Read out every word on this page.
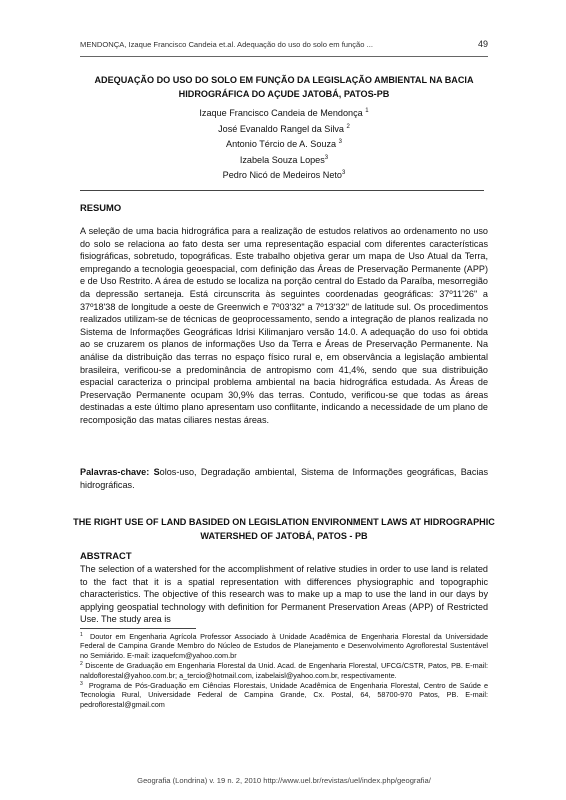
MENDONÇA, Izaque Francisco Candeia et.al. Adequação do uso do solo em função ...	49
ADEQUAÇÃO DO USO DO SOLO EM FUNÇÃO DA LEGISLAÇÃO AMBIENTAL NA BACIA HIDROGRÁFICA DO AÇUDE JATOBÁ, PATOS-PB
Izaque Francisco Candeia de Mendonça $^1$
José Evanaldo Rangel da Silva $^2$
Antonio Tércio de A. Souza $^3$
Izabela Souza Lopes$^3$
Pedro Nicó de Medeiros Neto$^3$
RESUMO
A seleção de uma bacia hidrográfica para a realização de estudos relativos ao ordenamento no uso do solo se relaciona ao fato desta ser uma representação espacial com diferentes características fisiográficas, sobretudo, topográficas. Este trabalho objetiva gerar um mapa de Uso Atual da Terra, empregando a tecnologia geoespacial, com definição das Áreas de Preservação Permanente (APP) e de Uso Restrito. A área de estudo se localiza na porção central do Estado da Paraíba, mesorregião da depressão sertaneja. Está circunscrita às seguintes coordenadas geográficas: 37º11'26" a 37º18'38 de longitude a oeste de Greenwich e 7º03'32" a 7º13'32" de latitude sul. Os procedimentos realizados utilizam-se de técnicas de geoprocessamento, sendo a integração de planos realizada no Sistema de Informações Geográficas Idrisi Kilimanjaro versão 14.0. A adequação do uso foi obtida ao se cruzarem os planos de informações Uso da Terra e Áreas de Preservação Permanente. Na análise da distribuição das terras no espaço físico rural e, em observância a legislação ambiental brasileira, verificou-se a predominância de antropismo com 41,4%, sendo que sua distribuição espacial caracteriza o principal problema ambiental na bacia hidrográfica estudada. As Áreas de Preservação Permanente ocupam 30,9% das terras. Contudo, verificou-se que todas as áreas destinadas a este último plano apresentam uso conflitante, indicando a necessidade de um plano de recomposição das matas ciliares nestas áreas.
Palavras-chave: Solos-uso, Degradação ambiental, Sistema de Informações geográficas, Bacias hidrográficas.
THE RIGHT USE OF LAND BASIDED ON LEGISLATION ENVIRONMENT LAWS AT HIDROGRAPHIC WATERSHED OF JATOBÁ, PATOS - PB
ABSTRACT
The selection of a watershed for the accomplishment of relative studies in order to use land is related to the fact that it is a spatial representation with differences physiographic and topographic characteristics. The objective of this research was to make up a map to use the land in our days by applying geospatial technology with definition for Permanent Preservation Areas (APP) of Restricted Use. The study area is
$^1$ Doutor em Engenharia Agrícola Professor Associado à Unidade Acadêmica de Engenharia Florestal da Universidade Federal de Campina Grande Membro do Núcleo de Estudos de Planejamento e Desenvolvimento Agroflorestal Sustentável no Semiárido. E-mail: izaquefcm@yahoo.com.br
$^2$ Discente de Graduação em Engenharia Florestal da Unid. Acad. de Engenharia Florestal, UFCG/CSTR, Patos, PB. E-mail: naldoflorestal@yahoo.com.br; a_tercio@hotmail.com, izabelaisl@yahoo.com.br, respectivamente.
$^3$ Programa de Pós-Graduação em Ciências Florestais, Unidade Acadêmica de Engenharia Florestal, Centro de Saúde e Tecnologia Rural, Universidade Federal de Campina Grande, Cx. Postal, 64, 58700-970 Patos, PB. E-mail: pedroflorestal@gmail.com
Geografia (Londrina) v. 19 n. 2, 2010 http://www.uel.br/revistas/uel/index.php/geografia/
